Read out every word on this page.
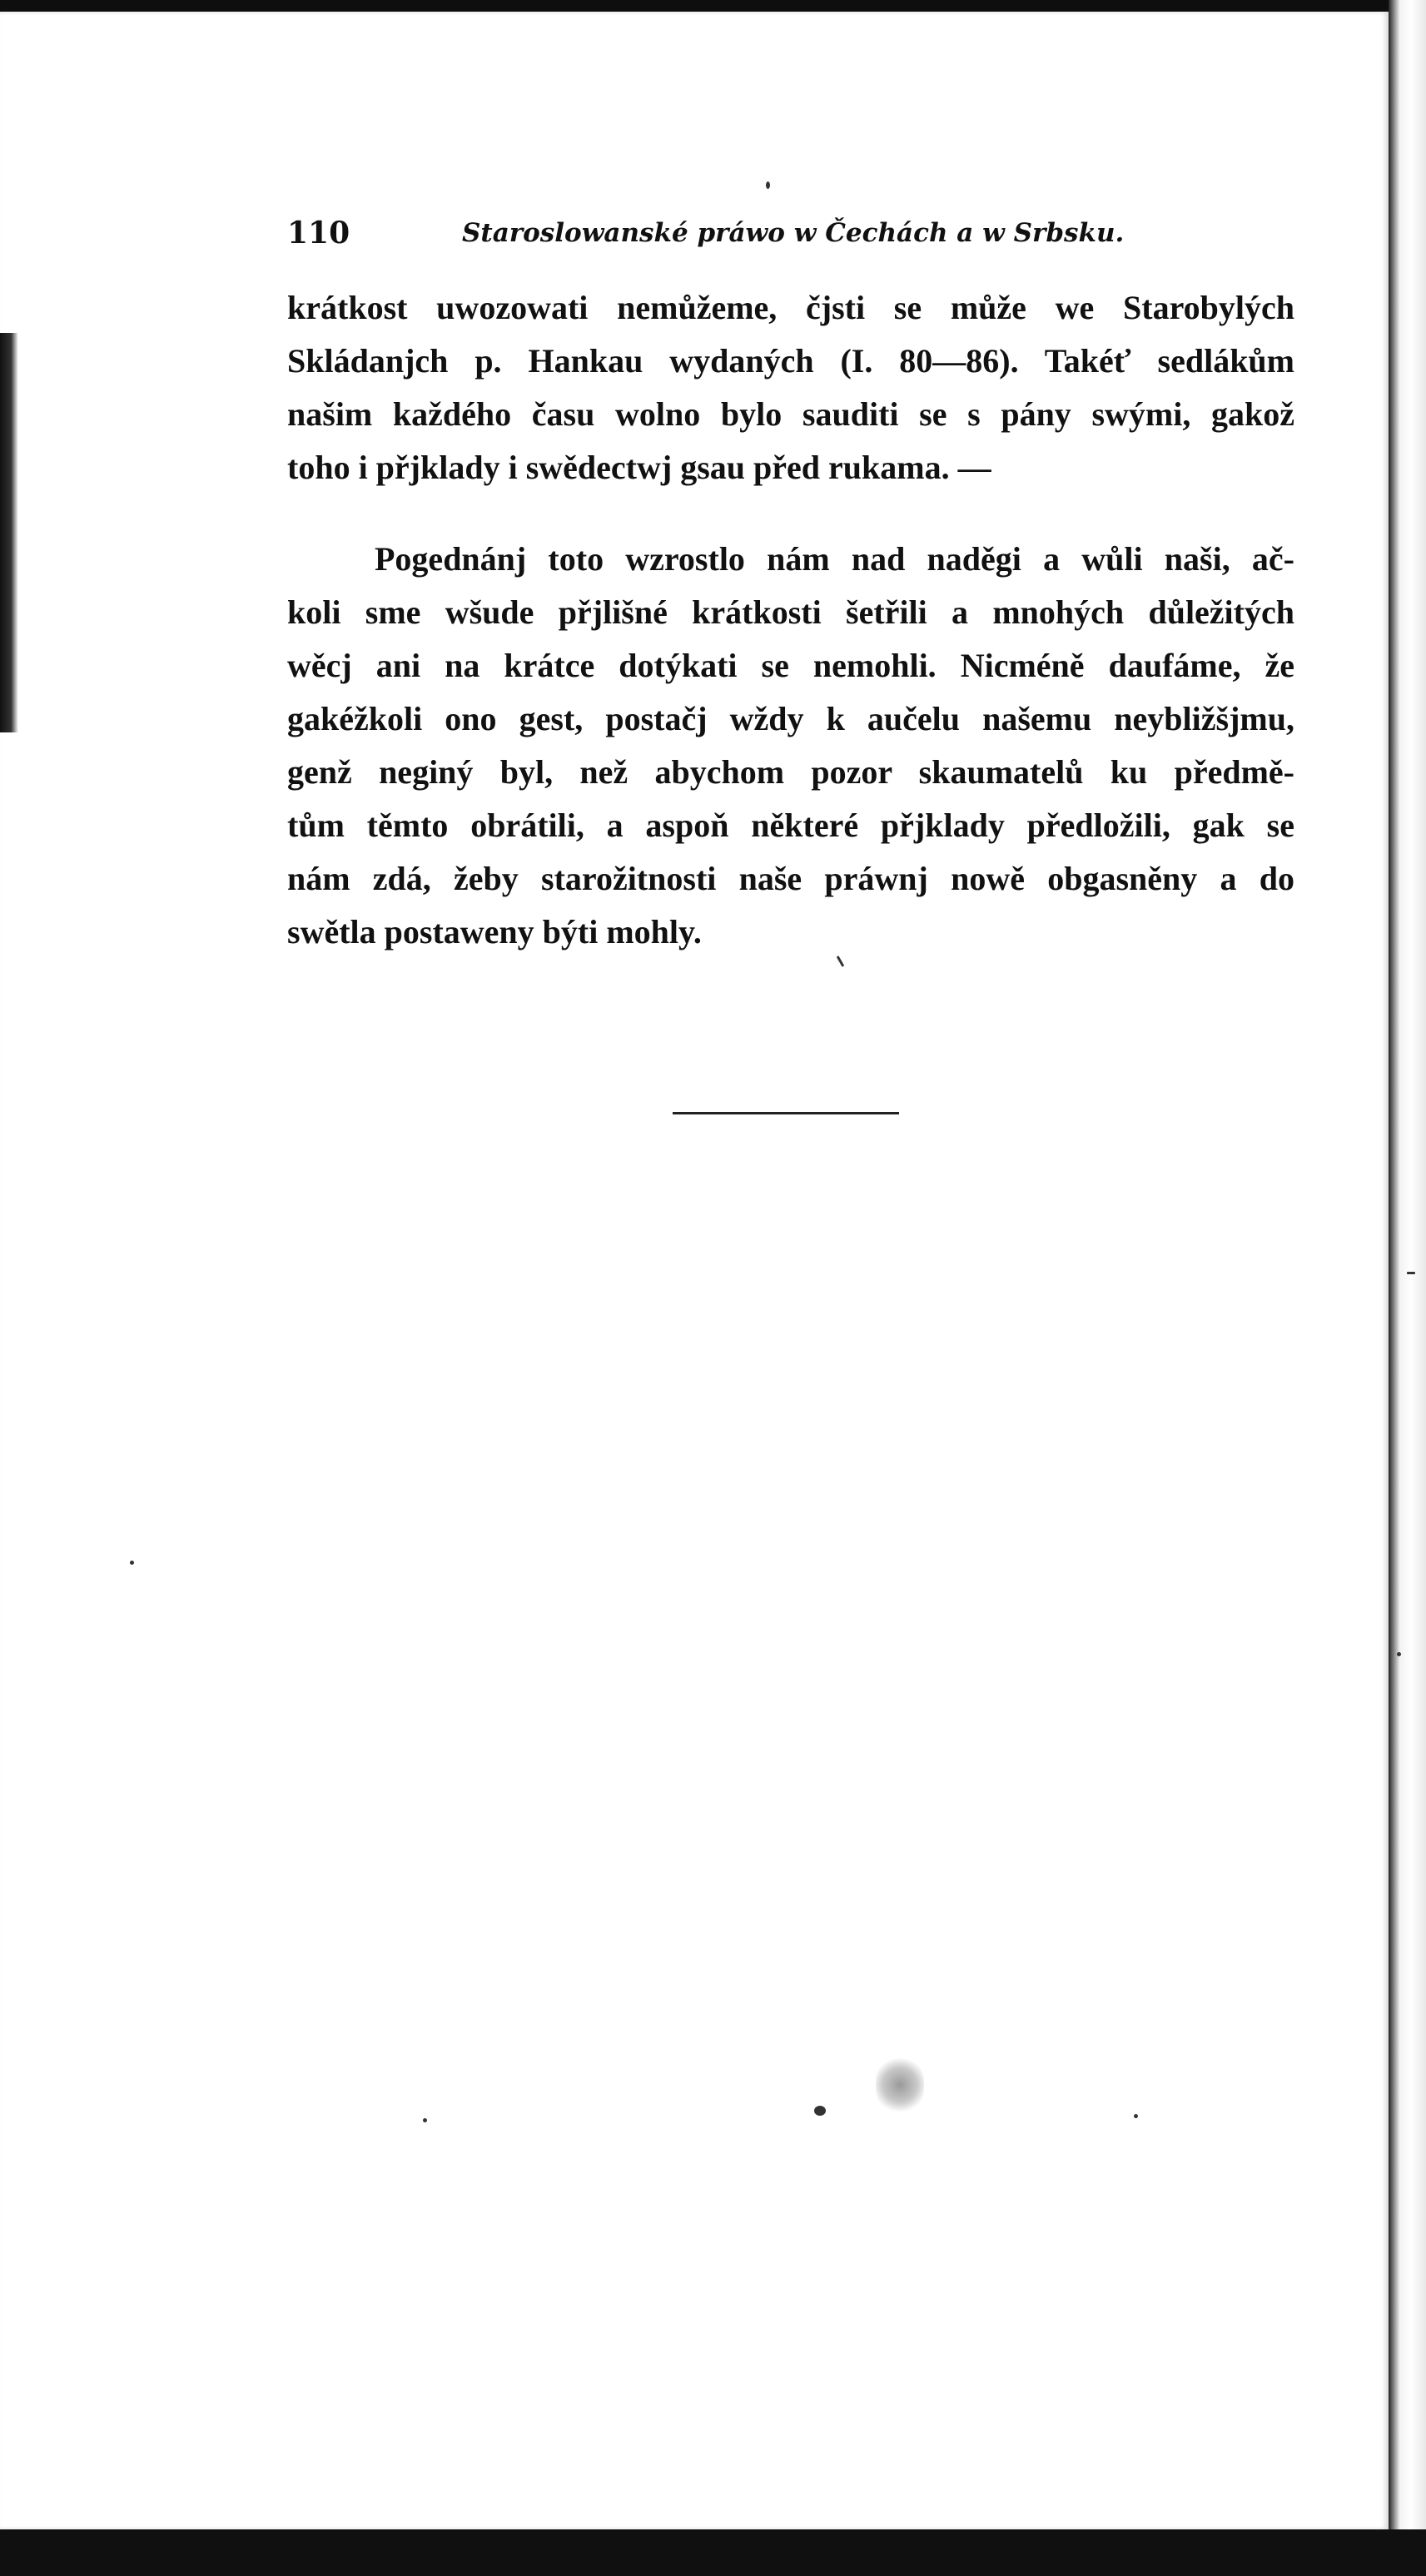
110	Staroslowanské práwo w Čechách a w Srbsku.
krátkost uwozowati nemůžeme, čjsti se může we Starobylých
Skládanjch p. Hankau wydaných (I. 80—86). Takéť sedlákům
našim každého času wolno bylo sauditi se s pány swými, gakož
toho i přjklady i swědectwj gsau před rukama. —
Pogednánj toto wzrostlo nám nad naděgi a wůli naši, ač-
koli sme wšude přjlišné krátkosti šetřili a mnohých důležitých
wěcj ani na krátce dotýkati se nemohli. Nicméně daufáme, že
gakéžkoli ono gest, postačj wždy k aučelu našemu neybližšjmu,
genž neginý byl, než abychom pozor skaumatelů ku předmě-
tům těmto obrátili, a aspoň některé přjklady předložili, gak se
nám zdá, žeby starožitnosti naše práwnj nowě obgasněny a do
swětla postaweny býti mohly.
